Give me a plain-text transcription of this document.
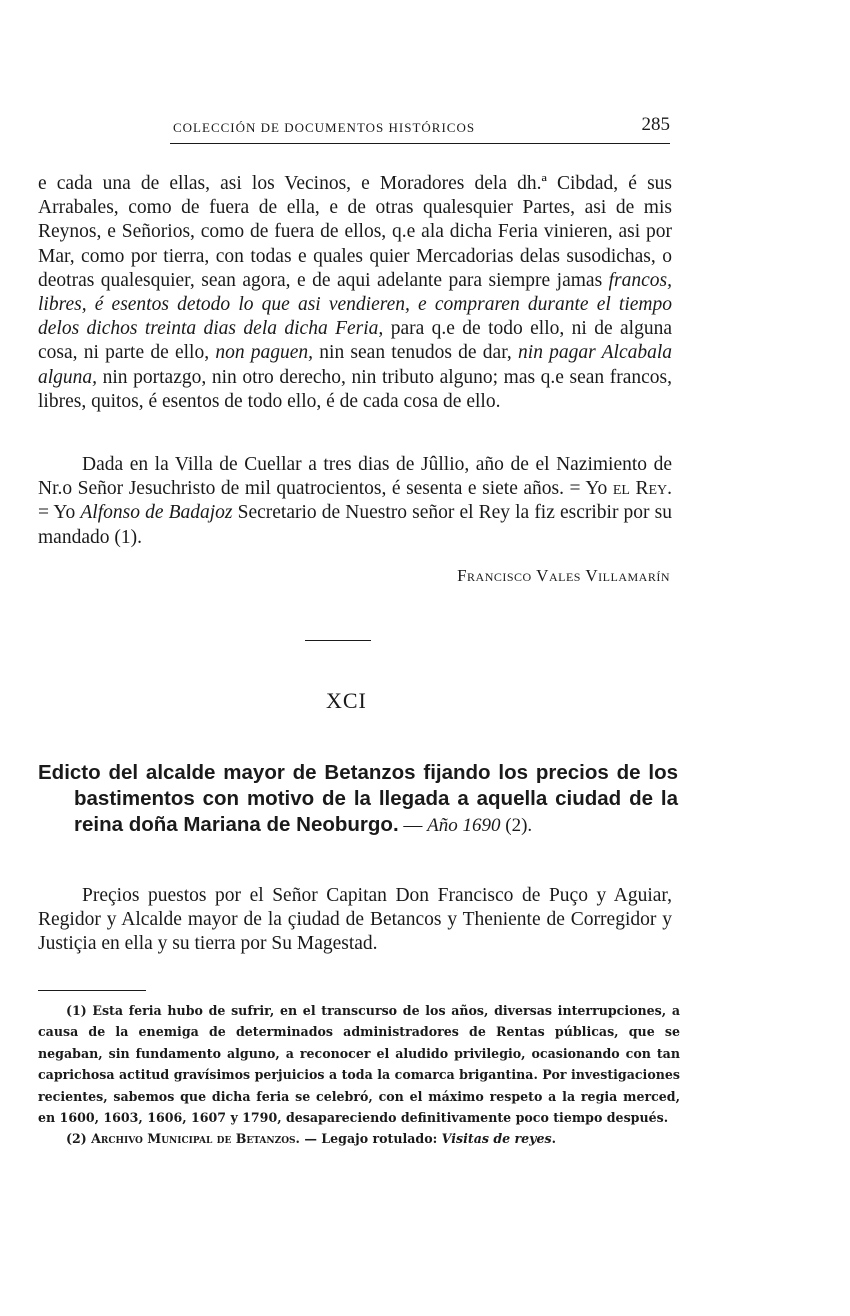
COLECCIÓN DE DOCUMENTOS HISTÓRICOS	285

e cada una de ellas, asi los Vecinos, e Moradores dela dh.ª Cibdad, é sus Arrabales, como de fuera de ella, e de otras qualesquier Partes, asi de mis Reynos, e Señorios, como de fuera de ellos, q.e ala dicha Feria vinieren, asi por Mar, como por tierra, con todas e quales quier Mercadorias delas susodichas, o deotras qualesquier, sean agora, e de aqui adelante para siempre jamas francos, libres, é esentos detodo lo que asi vendieren, e compraren durante el tiempo delos dichos treinta dias dela dicha Feria, para q.e de todo ello, ni de alguna cosa, ni parte de ello, non paguen, nin sean tenudos de dar, nin pagar Alcabala alguna, nin portazgo, nin otro derecho, nin tributo alguno; mas q.e sean francos, libres, quitos, é esentos de todo ello, é de cada cosa de ello.

Dada en la Villa de Cuellar a tres dias de Jûllio, año de el Nazimiento de Nr.o Señor Jesuchristo de mil quatrocientos, é sesenta e siete años. = Yo el Rey. = Yo Alfonso de Badajoz Secretario de Nuestro señor el Rey la fiz escribir por su mandado (1).

Francisco Vales Villamarín
XCI

Edicto del alcalde mayor de Betanzos fijando los precios de los bastimentos con motivo de la llegada a aquella ciudad de la reina doña Mariana de Neoburgo. — Año 1690 (2).

Preçios puestos por el Señor Capitan Don Francisco de Puço y Aguiar, Regidor y Alcalde mayor de la çiudad de Betancos y Theniente de Corregidor y Justiçia en ella y su tierra por Su Magestad.

(1) Esta feria hubo de sufrir, en el transcurso de los años, diversas interrupciones, a causa de la enemiga de determinados administradores de Rentas públicas, que se negaban, sin fundamento alguno, a reconocer el aludido privilegio, ocasionando con tan caprichosa actitud gravísimos perjuicios a toda la comarca brigantina. Por investigaciones recientes, sabemos que dicha feria se celebró, con el máximo respeto a la regia merced, en 1600, 1603, 1606, 1607 y 1790, desapareciendo definitivamente poco tiempo después.

(2) Archivo Municipal de Betanzos. — Legajo rotulado: Visitas de reyes.
